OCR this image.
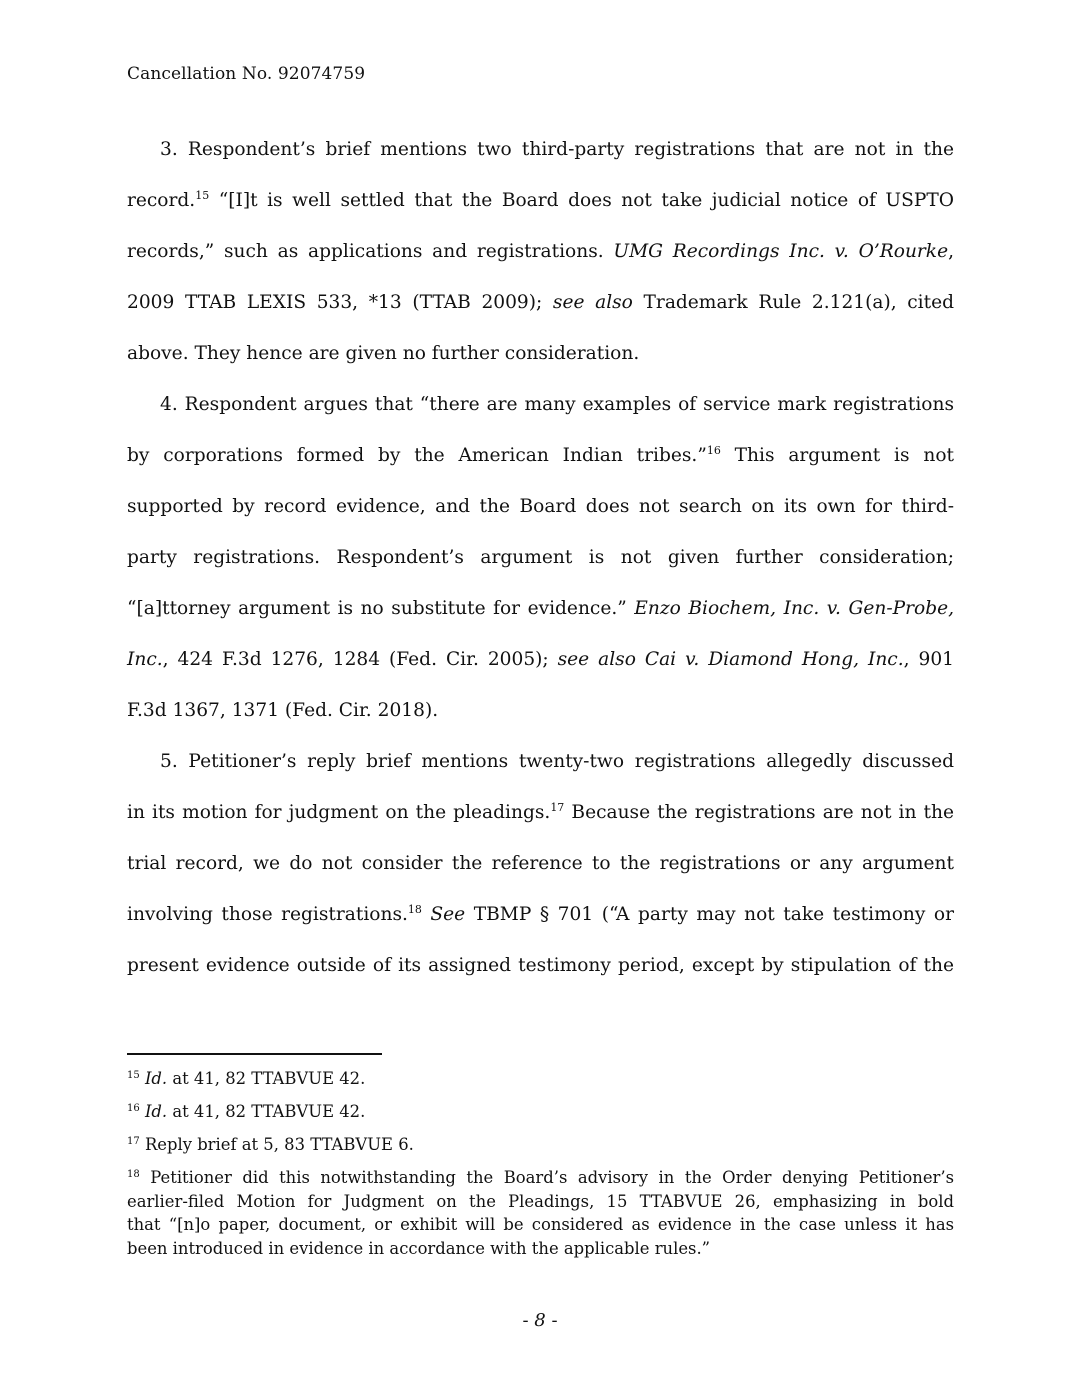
Cancellation No. 92074759
3. Respondent’s brief mentions two third-party registrations that are not in the
record.$^{15}$ “[I]t is well settled that the Board does not take judicial notice of USPTO
records,” such as applications and registrations. UMG Recordings Inc. v. O’Rourke,
2009 TTAB LEXIS 533, *13 (TTAB 2009); see also Trademark Rule 2.121(a), cited
above. They hence are given no further consideration.
4. Respondent argues that “there are many examples of service mark registrations
by corporations formed by the American Indian tribes.”$^{16}$ This argument is not
supported by record evidence, and the Board does not search on its own for third-
party registrations. Respondent’s argument is not given further consideration;
“[a]ttorney argument is no substitute for evidence.” Enzo Biochem, Inc. v. Gen-Probe,
Inc., 424 F.3d 1276, 1284 (Fed. Cir. 2005); see also Cai v. Diamond Hong, Inc., 901
F.3d 1367, 1371 (Fed. Cir. 2018).
5. Petitioner’s reply brief mentions twenty-two registrations allegedly discussed
in its motion for judgment on the pleadings.$^{17}$ Because the registrations are not in the
trial record, we do not consider the reference to the registrations or any argument
involving those registrations.$^{18}$ See TBMP § 701 (“A party may not take testimony or
present evidence outside of its assigned testimony period, except by stipulation of the
$^{15}$ Id. at 41, 82 TTABVUE 42.
$^{16}$ Id. at 41, 82 TTABVUE 42.
$^{17}$ Reply brief at 5, 83 TTABVUE 6.
$^{18}$ Petitioner did this notwithstanding the Board’s advisory in the Order denying Petitioner’s
earlier-filed Motion for Judgment on the Pleadings, 15 TTABVUE 26, emphasizing in bold
that “[n]o paper, document, or exhibit will be considered as evidence in the case unless it has
been introduced in evidence in accordance with the applicable rules.”
- 8 -
